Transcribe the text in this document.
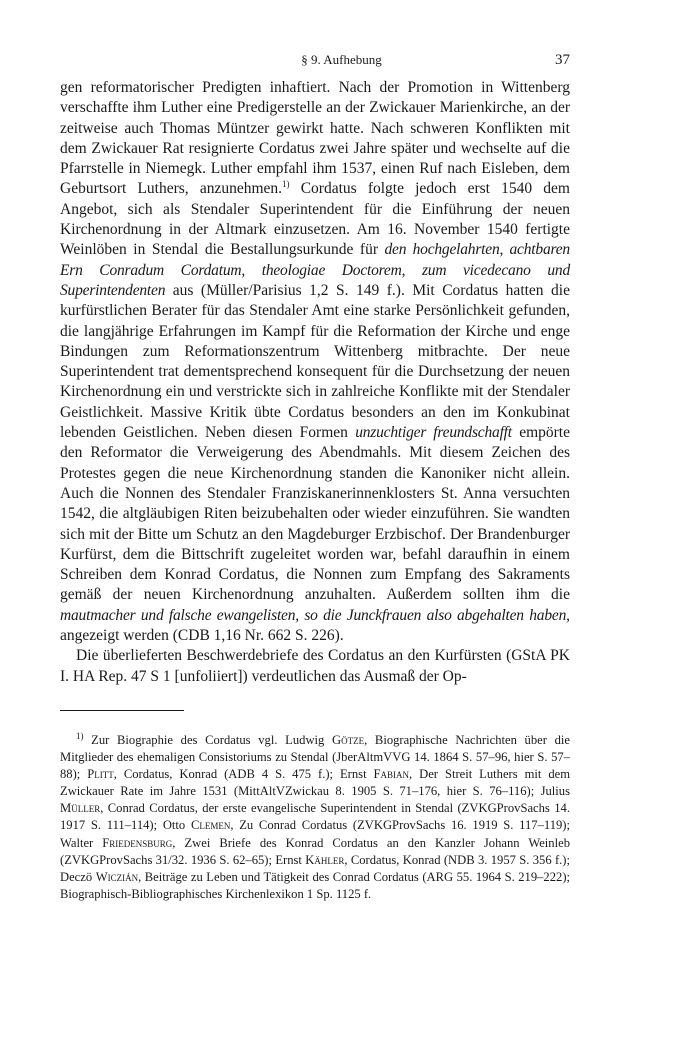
§ 9. Aufhebung	37

gen reformatorischer Predigten inhaftiert. Nach der Promotion in Wittenberg verschaffte ihm Luther eine Predigerstelle an der Zwickauer Marienkirche, an der zeitweise auch Thomas Müntzer gewirkt hatte. Nach schweren Konflikten mit dem Zwickauer Rat resignierte Cordatus zwei Jahre später und wechselte auf die Pfarrstelle in Niemegk. Luther empfahl ihm 1537, einen Ruf nach Eisleben, dem Geburtsort Luthers, anzunehmen.$^{1)}$ Cordatus folgte jedoch erst 1540 dem Angebot, sich als Stendaler Superintendent für die Einführung der neuen Kirchenordnung in der Altmark einzusetzen. Am 16. November 1540 fertigte Weinlöben in Stendal die Bestallungsurkunde für den hochgelahrten, achtbaren Ern Conradum Cordatum, theologiae Doctorem, zum vicedecano und Superintendenten aus (Müller/Parisius 1,2 S. 149 f.). Mit Cordatus hatten die kurfürstlichen Berater für das Stendaler Amt eine starke Persönlichkeit gefunden, die langjährige Erfahrungen im Kampf für die Reformation der Kirche und enge Bindungen zum Reformationszentrum Wittenberg mitbrachte. Der neue Superintendent trat dementsprechend konsequent für die Durchsetzung der neuen Kirchenordnung ein und verstrickte sich in zahlreiche Konflikte mit der Stendaler Geistlichkeit. Massive Kritik übte Cordatus besonders an den im Konkubinat lebenden Geistlichen. Neben diesen Formen unzuchtiger freundschafft empörte den Reformator die Verweigerung des Abendmahls. Mit diesem Zeichen des Protestes gegen die neue Kirchenordnung standen die Kanoniker nicht allein. Auch die Nonnen des Stendaler Franziskanerinnenklosters St. Anna versuchten 1542, die altgläubigen Riten beizubehalten oder wieder einzuführen. Sie wandten sich mit der Bitte um Schutz an den Magdeburger Erzbischof. Der Brandenburger Kurfürst, dem die Bittschrift zugeleitet worden war, befahl daraufhin in einem Schreiben dem Konrad Cordatus, die Nonnen zum Empfang des Sakraments gemäß der neuen Kirchenordnung anzuhalten. Außerdem sollten ihm die mautmacher und falsche ewangelisten, so die Junckfrauen also abgehalten haben, angezeigt werden (CDB 1,16 Nr. 662 S. 226).

Die überlieferten Beschwerdebriefe des Cordatus an den Kurfürsten (GStA PK I. HA Rep. 47 S 1 [unfoliiert]) verdeutlichen das Ausmaß der Op-

$^{1)}$ Zur Biographie des Cordatus vgl. Ludwig Götze, Biographische Nachrichten über die Mitglieder des ehemaligen Consistoriums zu Stendal (JberAltmVVG 14. 1864 S. 57–96, hier S. 57–88); Plitt, Cordatus, Konrad (ADB 4 S. 475 f.); Ernst Fabian, Der Streit Luthers mit dem Zwickauer Rate im Jahre 1531 (MittAltVZwickau 8. 1905 S. 71–176, hier S. 76–116); Julius Müller, Conrad Cordatus, der erste evangelische Superintendent in Stendal (ZVKGProvSachs 14. 1917 S. 111–114); Otto Clemen, Zu Conrad Cordatus (ZVKGProvSachs 16. 1919 S. 117–119); Walter Friedensburg, Zwei Briefe des Konrad Cordatus an den Kanzler Johann Weinleb (ZVKGProvSachs 31/32. 1936 S. 62–65); Ernst Kähler, Cordatus, Konrad (NDB 3. 1957 S. 356 f.); Deczö Wiczián, Beiträge zu Leben und Tätigkeit des Conrad Cordatus (ARG 55. 1964 S. 219–222); Biographisch-Bibliographisches Kirchenlexikon 1 Sp. 1125 f.
